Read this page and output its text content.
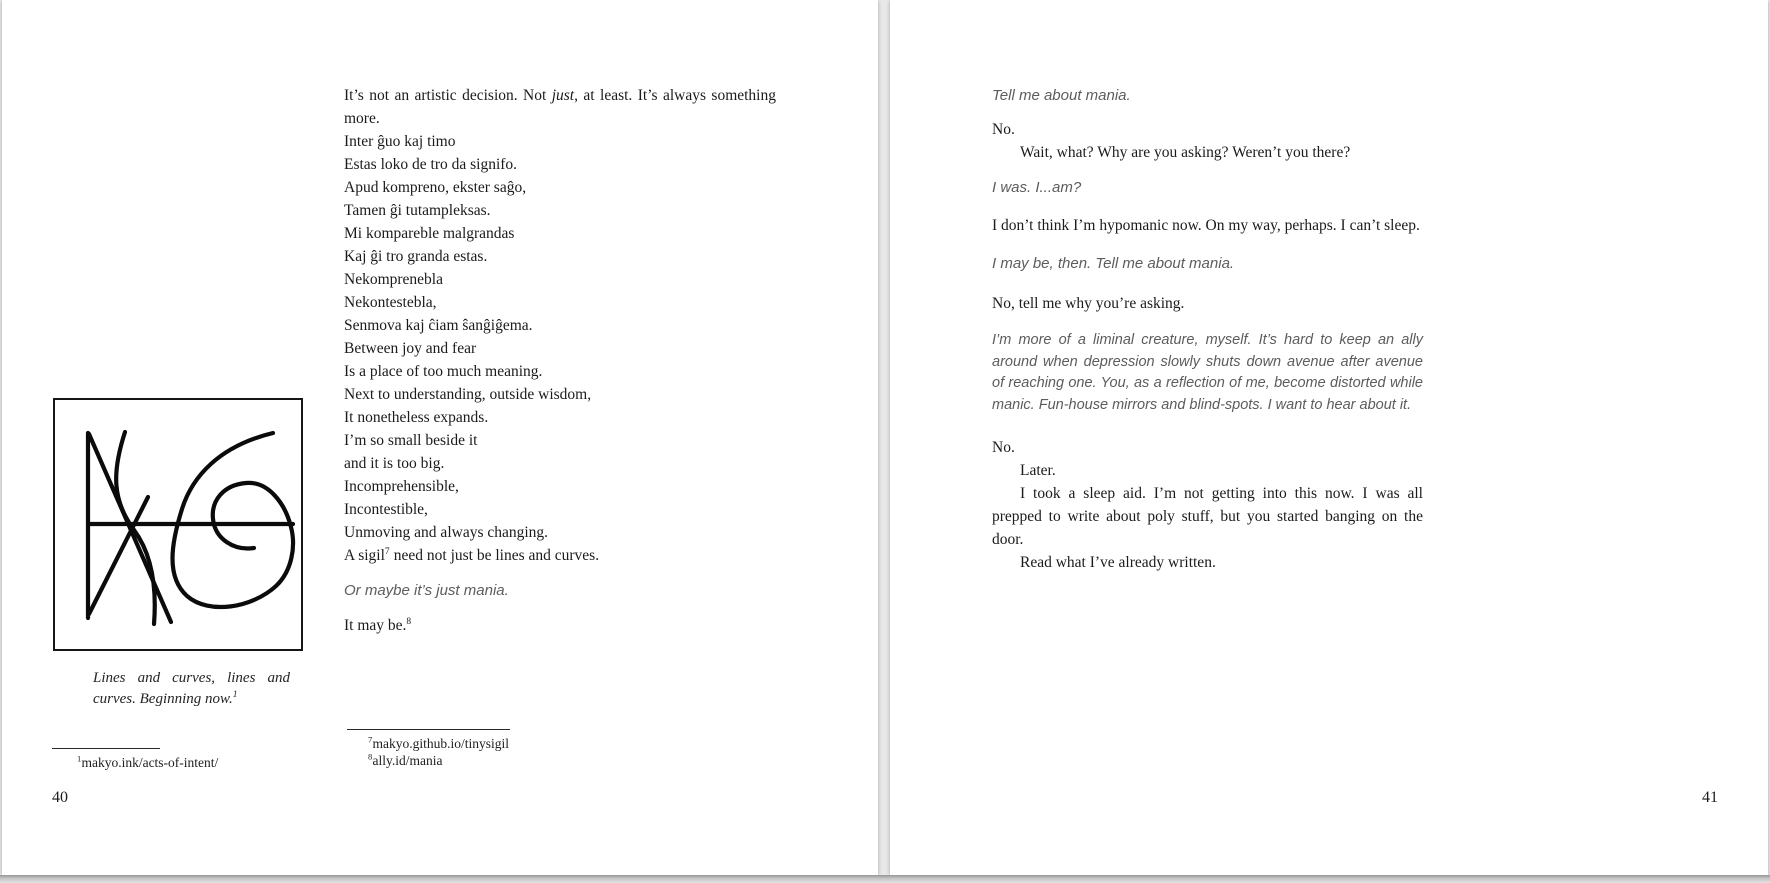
It’s not an artistic decision. Not just, at least. It’s always something more.

Inter ĝuo kaj timo
Estas loko de tro da signifo.
Apud kompreno, ekster saĝo,
Tamen ĝi tutampleksas.
Mi kompareble malgrandas
Kaj ĝi tro granda estas.
Nekomprenebla
Nekontestebla,
Senmova kaj ĉiam ŝanĝiĝema.
Between joy and fear
Is a place of too much meaning.
Next to understanding, outside wisdom,
It nonetheless expands.
I’m so small beside it
and it is too big.
Incomprehensible,
Incontestible,
Unmoving and always changing.

A sigil$^7$ need not just be lines and curves.

Or maybe it’s just mania.

It may be.$^8$

Lines and curves, lines and
curves. Beginning now.$^1$
$^1$makyo.ink/acts-of-intent/
$^7$makyo.github.io/tinysigil
$^8$ally.id/mania
40

Tell me about mania.

No.
Wait, what? Why are you asking? Weren’t you there?

I was. I...am?

I don’t think I’m hypomanic now. On my way, perhaps. I can’t sleep.

I may be, then. Tell me about mania.

No, tell me why you’re asking.

I’m more of a liminal creature, myself. It’s hard to keep an ally around when depression slowly shuts down avenue after avenue of reaching one. You, as a reflection of me, become distorted while manic. Fun-house mirrors and blind-spots. I want to hear about it.

No.
Later.

I took a sleep aid. I’m not getting into this now. I was all prepped to write about poly stuff, but you started banging on the door.

Read what I’ve already written.
41
